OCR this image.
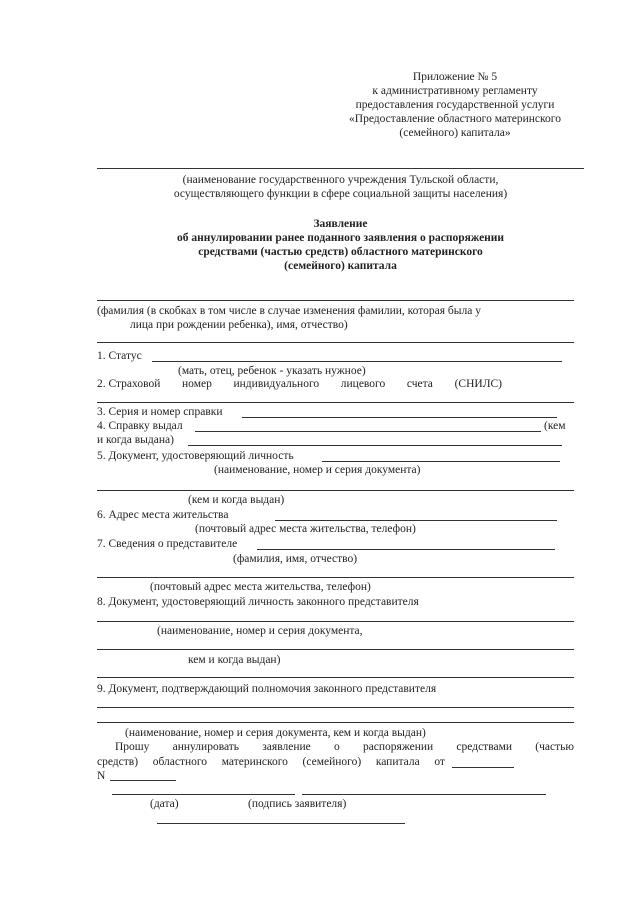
Приложение № 5
к административному регламенту
предоставления государственной услуги
«Предоставление областного материнского
(семейного) капитала»
(наименование государственного учреждения Тульской области,
осуществляющего функции в сфере социальной защиты населения)
Заявление
об аннулировании ранее поданного заявления о распоряжении
средствами (частью средств) областного материнского
(семейного) капитала
(фамилия (в скобках в том числе в случае изменения фамилии, которая была у
лица при рождении ребенка), имя, отчество)
1. Статус
(мать, отец, ребенок - указать нужное)
2. Страховой номер индивидуального лицевого счета (СНИЛС)
3. Серия и номер справки
4. Справку выдал	(кем
и когда выдана)
5. Документ, удостоверяющий личность
(наименование, номер и серия документа)
(кем и когда выдан)
6. Адрес места жительства
(почтовый адрес места жительства, телефон)
7. Сведения о представителе
(фамилия, имя, отчество)
(почтовый адрес места жительства, телефон)
8. Документ, удостоверяющий личность законного представителя
(наименование, номер и серия документа,
кем и когда выдан)
9. Документ, подтверждающий полномочия законного представителя
(наименование, номер и серия документа, кем и когда выдан)
Прошу аннулировать заявление о распоряжении средствами (частью
средств) областного материнского (семейного) капитала от
N
(дата)	(подпись заявителя)
